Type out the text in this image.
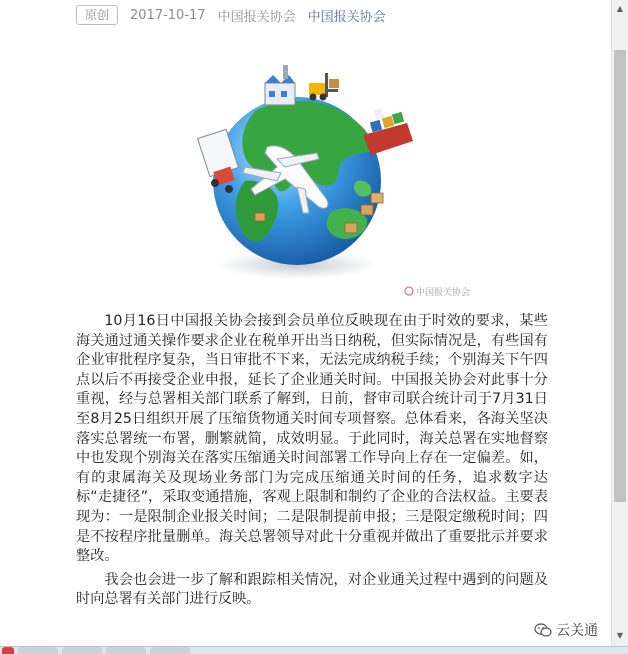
原创	2017-10-17 中国报关协会 中国报关协会
中国报关协会

10月16日中国报关协会接到会员单位反映现在由于时效的要求，某些海关通过通关操作要求企业在税单开出当日纳税，但实际情况是，有些国有企业审批程序复杂，当日审批不下来，无法完成纳税手续；个别海关下午四点以后不再接受企业申报，延长了企业通关时间。中国报关协会对此事十分重视，经与总署相关部门联系了解到，日前，督审司联合统计司于7月31日至8月25日组织开展了压缩货物通关时间专项督察。总体看来，各海关坚决落实总署统一布署，删繁就简，成效明显。于此同时，海关总署在实地督察中也发现个别海关在落实压缩通关时间部署工作导向上存在一定偏差。如，有的隶属海关及现场业务部门为完成压缩通关时间的任务，追求数字达标“走捷径”，采取变通措施，客观上限制和制约了企业的合法权益。主要表现为：一是限制企业报关时间；二是限制提前申报；三是限定缴税时间；四是不按程序批量删单。海关总署领导对此十分重视并做出了重要批示并要求整改。

我会也会进一步了解和跟踪相关情况，对企业通关过程中遇到的问题及时向总署有关部门进行反映。

云关通
▲
▼
